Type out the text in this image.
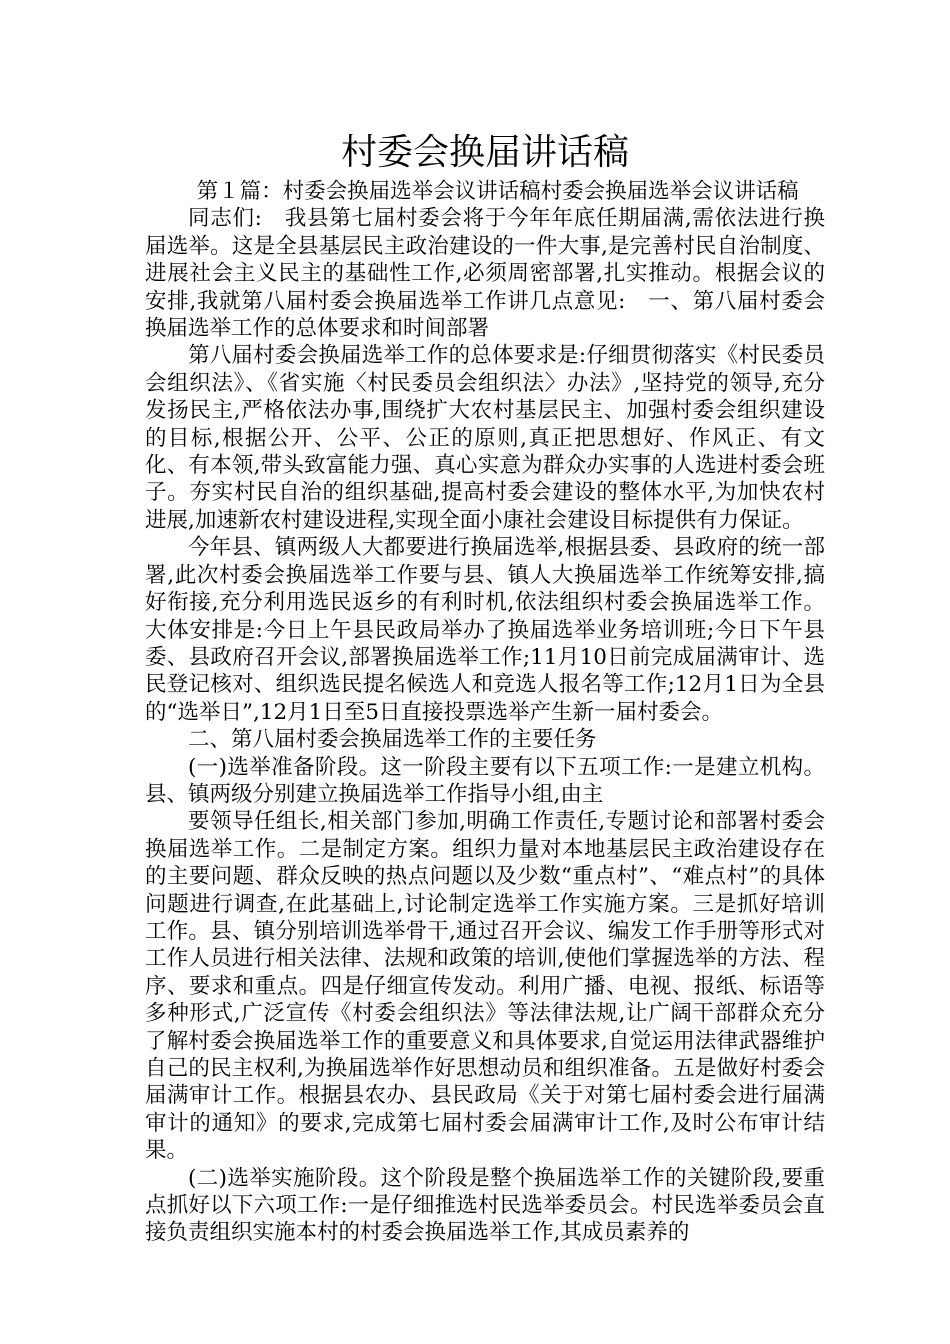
村委会换届讲话稿

第１篇：村委会换届选举会议讲话稿村委会换届选举会议讲话稿

同志们:　我县第七届村委会将于今年年底任期届满,需依法进行换届选举。这是全县基层民主政治建设的一件大事,是完善村民自治制度、进展社会主义民主的基础性工作,必须周密部署,扎实推动。根据会议的安排,我就第八届村委会换届选举工作讲几点意见:　一、第八届村委会换届选举工作的总体要求和时间部署

第八届村委会换届选举工作的总体要求是:仔细贯彻落实《村民委员会组织法》、《省实施〈村民委员会组织法〉办法》,坚持党的领导,充分发扬民主,严格依法办事,围绕扩大农村基层民主、加强村委会组织建设的目标,根据公开、公平、公正的原则,真正把思想好、作风正、有文化、有本领,带头致富能力强、真心实意为群众办实事的人选进村委会班子。夯实村民自治的组织基础,提高村委会建设的整体水平,为加快农村进展,加速新农村建设进程,实现全面小康社会建设目标提供有力保证。

今年县、镇两级人大都要进行换届选举,根据县委、县政府的统一部署,此次村委会换届选举工作要与县、镇人大换届选举工作统筹安排,搞好衔接,充分利用选民返乡的有利时机,依法组织村委会换届选举工作。大体安排是:今日上午县民政局举办了换届选举业务培训班;今日下午县委、县政府召开会议,部署换届选举工作;11月10日前完成届满审计、选民登记核对、组织选民提名候选人和竞选人报名等工作;12月1日为全县的“选举日”,12月1日至5日直接投票选举产生新一届村委会。

二、第八届村委会换届选举工作的主要任务

(一)选举准备阶段。这一阶段主要有以下五项工作:一是建立机构。县、镇两级分别建立换届选举工作指导小组,由主

要领导任组长,相关部门参加,明确工作责任,专题讨论和部署村委会换届选举工作。二是制定方案。组织力量对本地基层民主政治建设存在的主要问题、群众反映的热点问题以及少数“重点村”、“难点村”的具体问题进行调查,在此基础上,讨论制定选举工作实施方案。三是抓好培训工作。县、镇分别培训选举骨干,通过召开会议、编发工作手册等形式对工作人员进行相关法律、法规和政策的培训,使他们掌握选举的方法、程序、要求和重点。四是仔细宣传发动。利用广播、电视、报纸、标语等多种形式,广泛宣传《村委会组织法》等法律法规,让广阔干部群众充分了解村委会换届选举工作的重要意义和具体要求,自觉运用法律武器维护自己的民主权利,为换届选举作好思想动员和组织准备。五是做好村委会届满审计工作。根据县农办、县民政局《关于对第七届村委会进行届满审计的通知》的要求,完成第七届村委会届满审计工作,及时公布审计结果。

(二)选举实施阶段。这个阶段是整个换届选举工作的关键阶段,要重点抓好以下六项工作:一是仔细推选村民选举委员会。村民选举委员会直接负责组织实施本村的村委会换届选举工作,其成员素养的
